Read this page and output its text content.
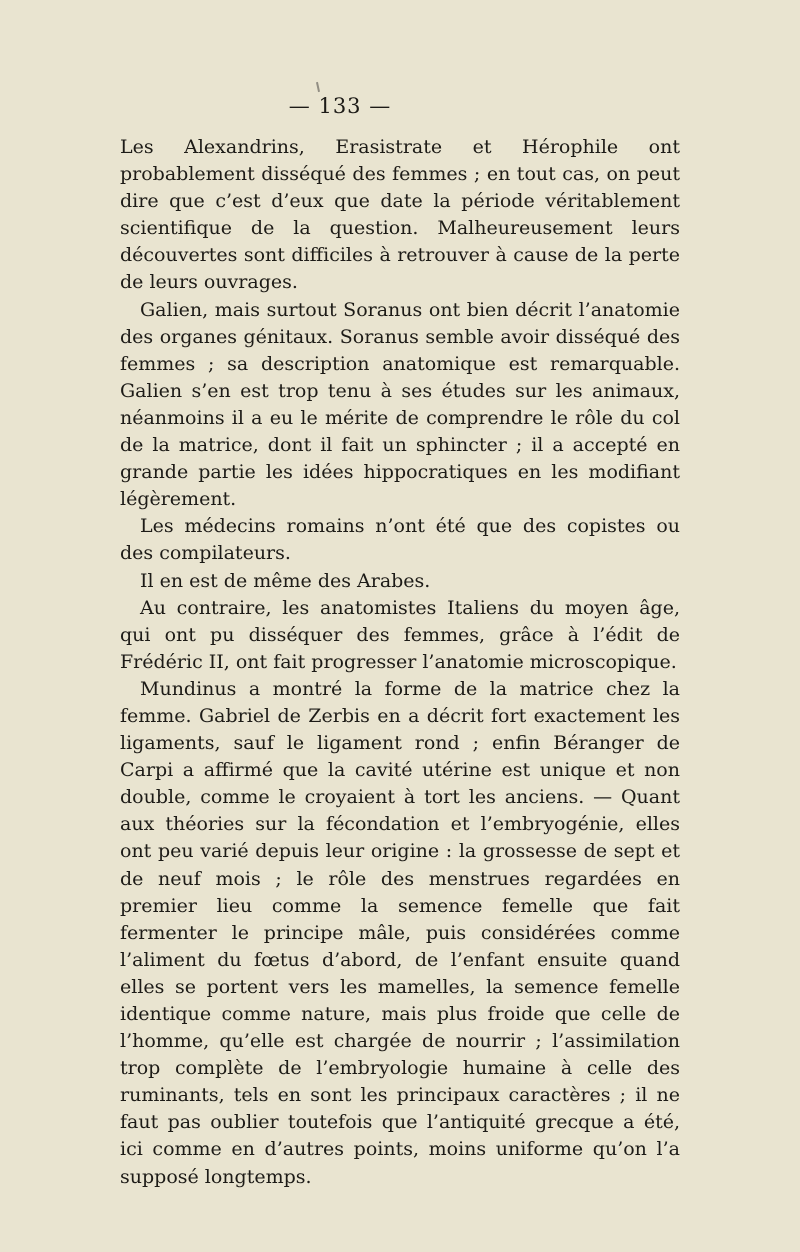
— 133 —

Les Alexandrins, Erasistrate et Hérophile ont probablement disséqué des femmes ; en tout cas, on peut dire que c’est d’eux que date la période véritablement scientifique de la question. Malheureusement leurs découvertes sont difficiles à retrouver à cause de la perte de leurs ouvrages.

Galien, mais surtout Soranus ont bien décrit l’anatomie des organes génitaux. Soranus semble avoir disséqué des femmes ; sa description anatomique est remarquable. Galien s’en est trop tenu à ses études sur les animaux, néanmoins il a eu le mérite de comprendre le rôle du col de la matrice, dont il fait un sphincter ; il a accepté en grande partie les idées hippocratiques en les modifiant légèrement.

Les médecins romains n’ont été que des copistes ou des compilateurs.

Il en est de même des Arabes.

Au contraire, les anatomistes Italiens du moyen âge, qui ont pu disséquer des femmes, grâce à l’édit de Frédéric II, ont fait progresser l’anatomie microscopique.

Mundinus a montré la forme de la matrice chez la femme. Gabriel de Zerbis en a décrit fort exactement les ligaments, sauf le ligament rond ; enfin Béranger de Carpi a affirmé que la cavité utérine est unique et non double, comme le croyaient à tort les anciens. — Quant aux théories sur la fécondation et l’embryogénie, elles ont peu varié depuis leur origine : la grossesse de sept et de neuf mois ; le rôle des menstrues regardées en premier lieu comme la semence femelle que fait fermenter le principe mâle, puis considérées comme l’aliment du fœtus d’abord, de l’enfant ensuite quand elles se portent vers les mamelles, la semence femelle identique comme nature, mais plus froide que celle de l’homme, qu’elle est chargée de nourrir ; l’assimilation trop complète de l’embryologie humaine à celle des ruminants, tels en sont les principaux caractères ; il ne faut pas oublier toutefois que l’antiquité grecque a été, ici comme en d’autres points, moins uniforme qu’on l’a supposé longtemps.
